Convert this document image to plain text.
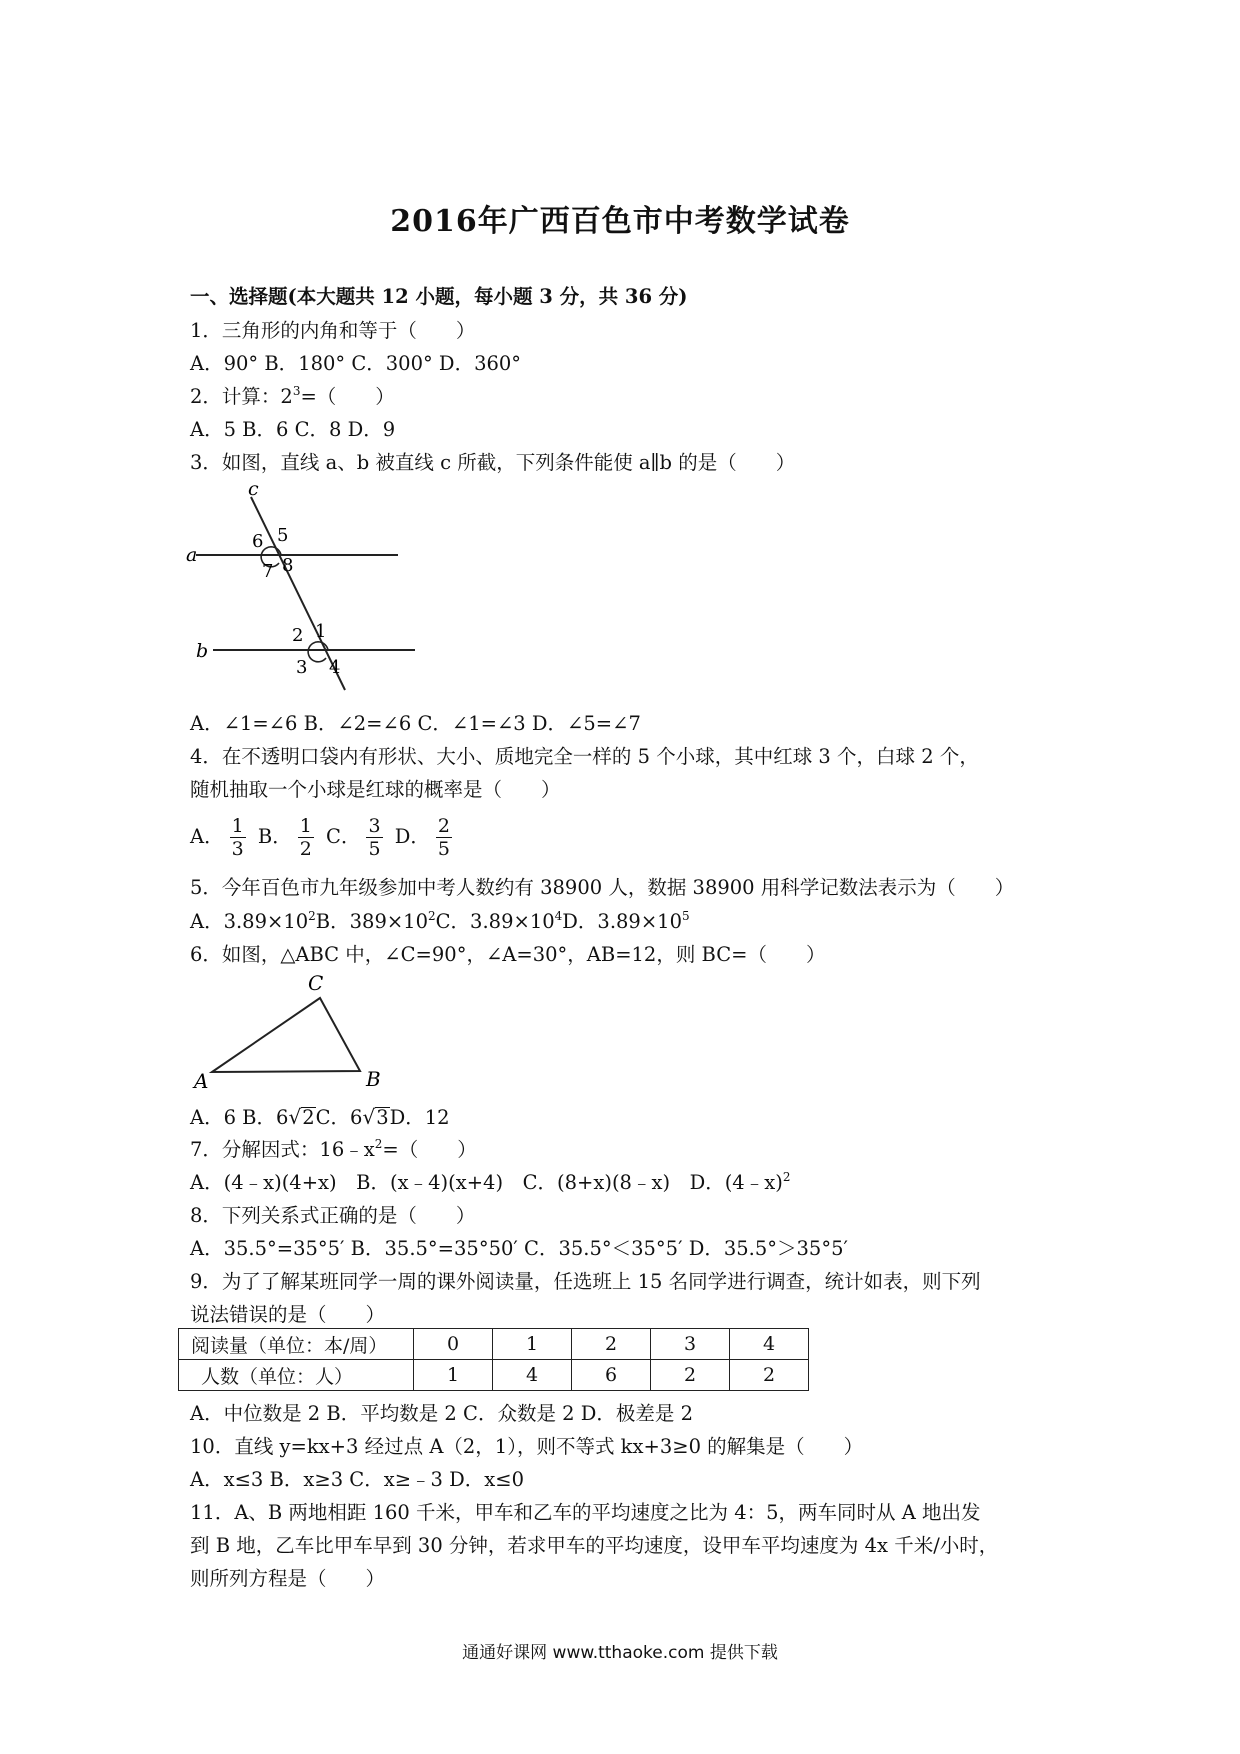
2016年广西百色市中考数学试卷
一、选择题(本大题共 12 小题，每小题 3 分，共 36 分)
1．三角形的内角和等于（　　）
A．90° B．180° C．300° D．360°
2．计算：$2^3=$（　　）
A．5 B．6 C．8 D．9
3．如图，直线 a、b 被直线 c 所截，下列条件能使 a∥b 的是（　　）
c
a
b
6 5
7 8
2 1
3 4
A．∠1=∠6 B．∠2=∠6 C．∠1=∠3 D．∠5=∠7
4．在不透明口袋内有形状、大小、质地完全一样的 5 个小球，其中红球 3 个，白球 2 个，
随机抽取一个小球是红球的概率是（　　）
A． $\frac{1}{3}$ B． $\frac{1}{2}$ C． $\frac{3}{5}$ D． $\frac{2}{5}$
5．今年百色市九年级参加中考人数约有 38900 人，数据 38900 用科学记数法表示为（　　）
A．$3.89\times 10^2B$．$389\times 10^2C$．$3.89\times 10^4D$．$3.89\times 10^5$
6．如图，△ABC 中，∠C=90°，∠A=30°，AB=12，则 BC=（　　）
A	B
C
A．6 B．6√2C．6√3D．12
7．分解因式：$16﹣x^2=$（　　）
A．(4﹣x)(4+x)　B．(x﹣4)(x+4)　C．(8+x)(8﹣x)　D．(4﹣x)$^2$
8．下列关系式正确的是（　　）
A．35.5°=35°5′ B．35.5°=35°50′ C．35.5°＜35°5′ D．35.5°＞35°5′
9．为了了解某班同学一周的课外阅读量，任选班上 15 名同学进行调查，统计如表，则下列
说法错误的是（　　）
阅读量（单位：本/周）	0	1	2	3	4
人数（单位：人）	1	4	6	2	2
A．中位数是 2 B．平均数是 2 C．众数是 2 D．极差是 2
10．直线 y=kx+3 经过点 A（2，1），则不等式 kx+3≥0 的解集是（　　）
A．x≤3 B．x≥3 C．x≥﹣3 D．x≤0
11．A、B 两地相距 160 千米，甲车和乙车的平均速度之比为 4：5，两车同时从 A 地出发
到 B 地，乙车比甲车早到 30 分钟，若求甲车的平均速度，设甲车平均速度为 4x 千米/小时，
则所列方程是（　　）
通通好课网 www.tthaoke.com 提供下载
